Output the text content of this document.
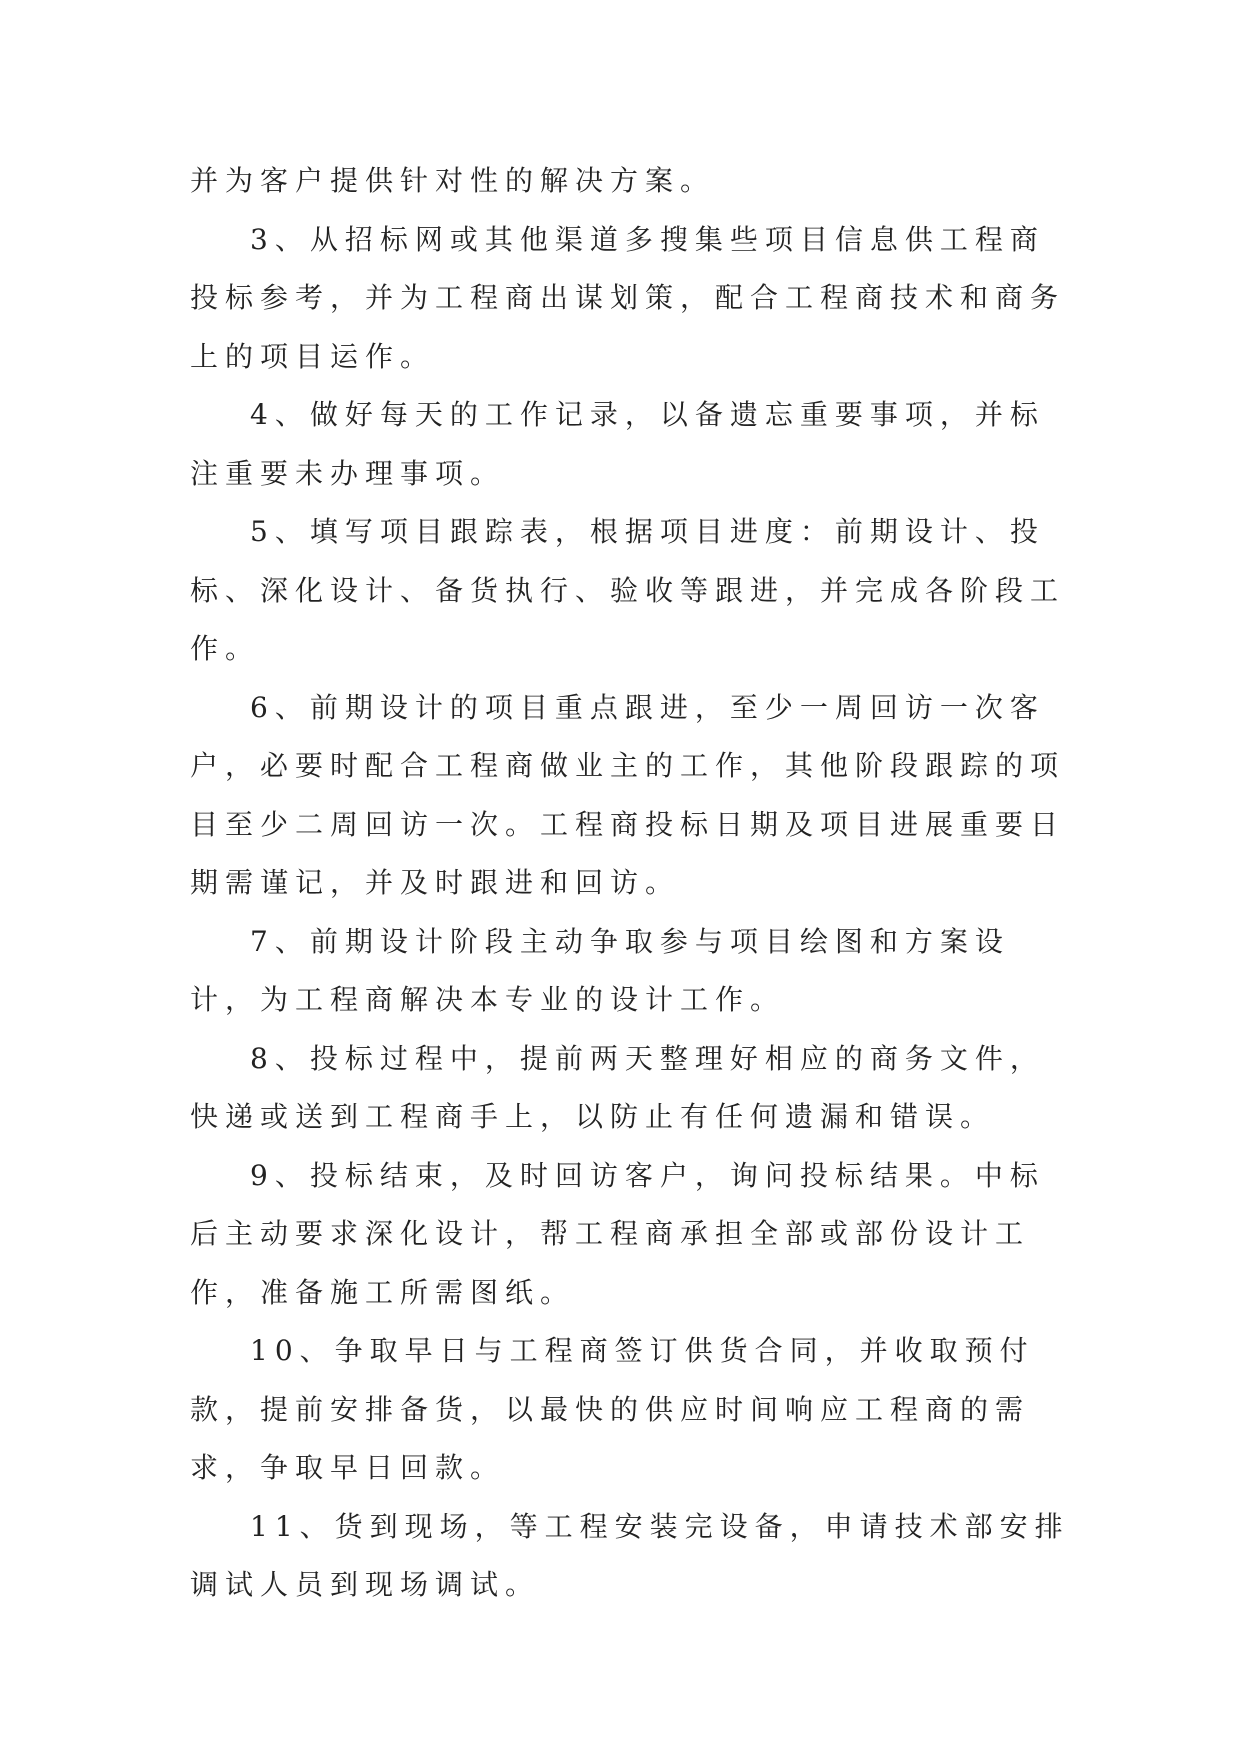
并为客户提供针对性的解决方案。

3、从招标网或其他渠道多搜集些项目信息供工程商投标参考，并为工程商出谋划策，配合工程商技术和商务上的项目运作。

4、做好每天的工作记录，以备遗忘重要事项，并标注重要未办理事项。

5、填写项目跟踪表，根据项目进度：前期设计、投标、深化设计、备货执行、验收等跟进，并完成各阶段工作。

6、前期设计的项目重点跟进，至少一周回访一次客户，必要时配合工程商做业主的工作，其他阶段跟踪的项目至少二周回访一次。工程商投标日期及项目进展重要日期需谨记，并及时跟进和回访。

7、前期设计阶段主动争取参与项目绘图和方案设计，为工程商解决本专业的设计工作。

8、投标过程中，提前两天整理好相应的商务文件，快递或送到工程商手上，以防止有任何遗漏和错误。

9、投标结束，及时回访客户，询问投标结果。中标后主动要求深化设计，帮工程商承担全部或部份设计工作，准备施工所需图纸。

10、争取早日与工程商签订供货合同，并收取预付款，提前安排备货，以最快的供应时间响应工程商的需求，争取早日回款。

11、货到现场，等工程安装完设备，申请技术部安排调试人员到现场调试。
